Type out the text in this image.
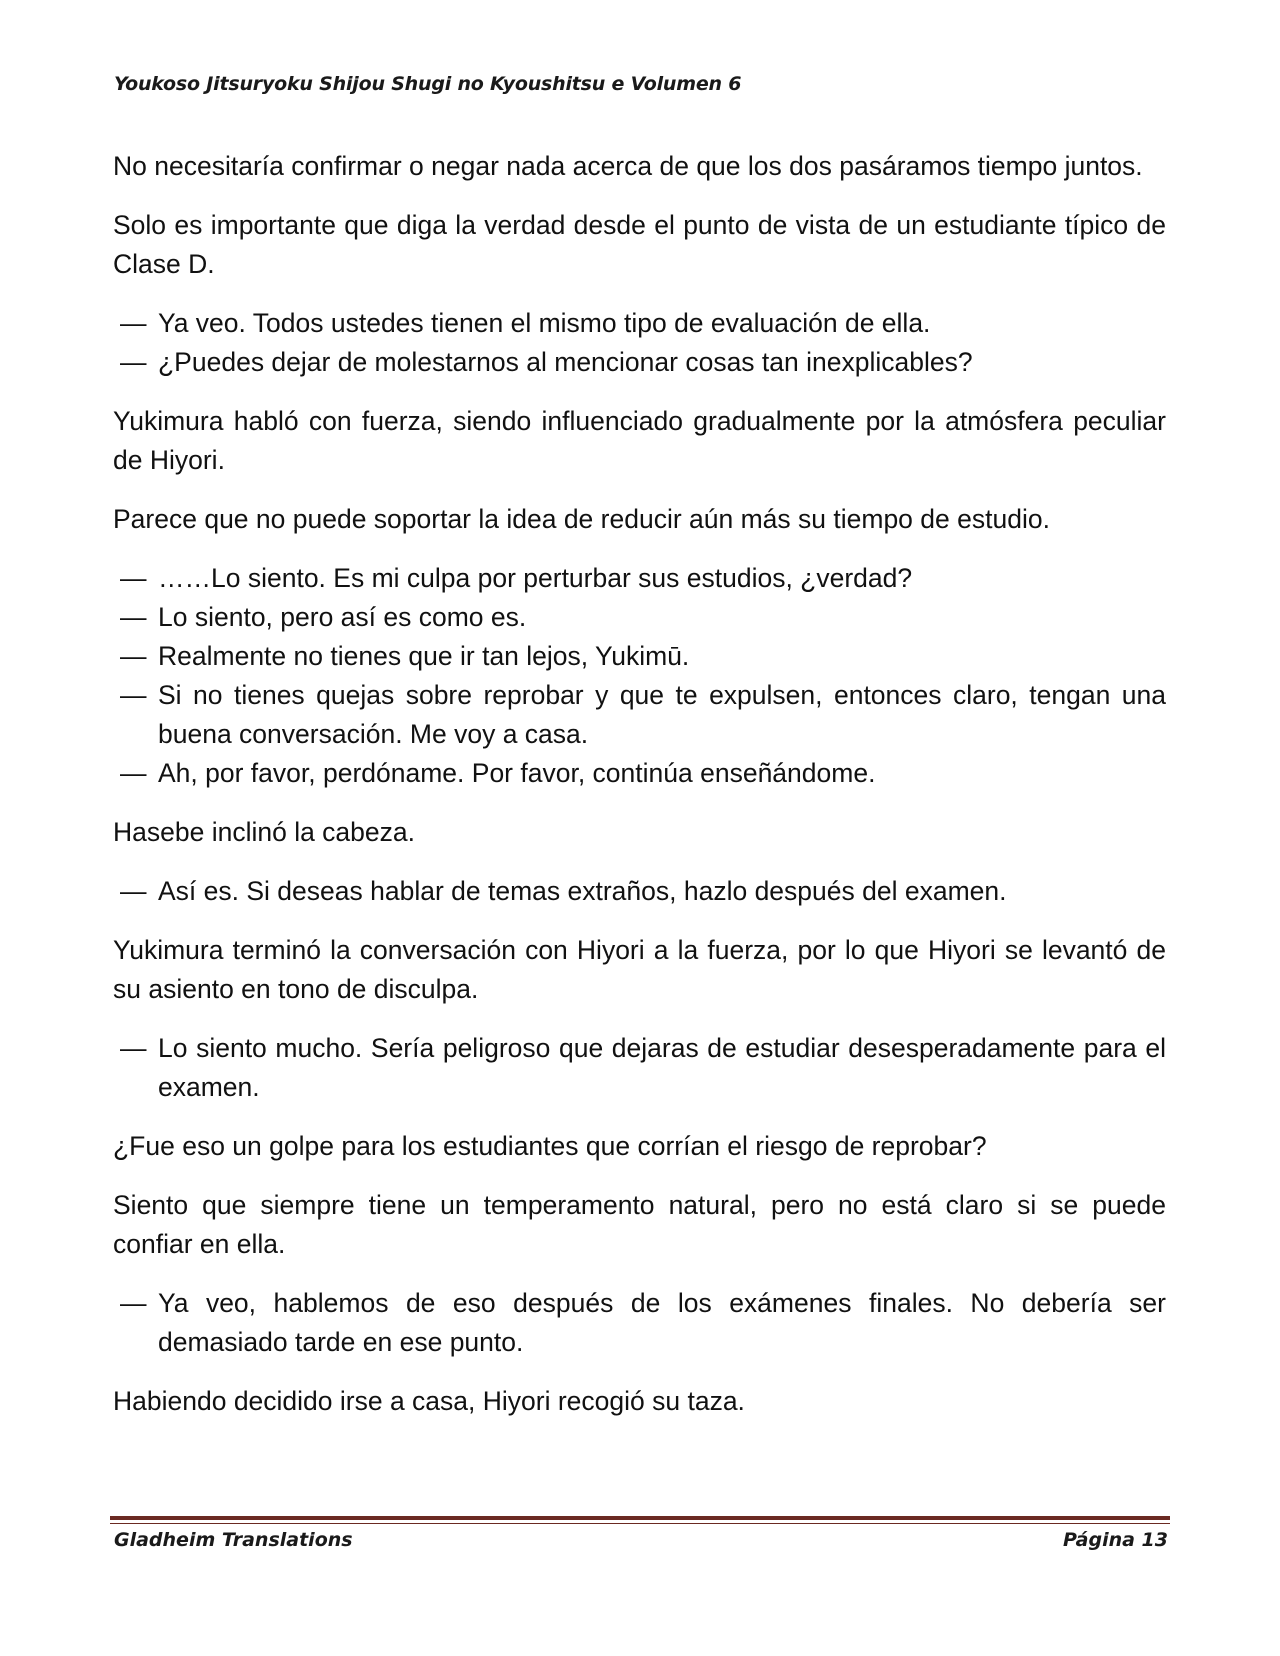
Youkoso Jitsuryoku Shijou Shugi no Kyoushitsu e Volumen 6

No necesitaría confirmar o negar nada acerca de que los dos pasáramos tiempo juntos.

Solo es importante que diga la verdad desde el punto de vista de un estudiante típico de Clase D.

— Ya veo. Todos ustedes tienen el mismo tipo de evaluación de ella.
— ¿Puedes dejar de molestarnos al mencionar cosas tan inexplicables?

Yukimura habló con fuerza, siendo influenciado gradualmente por la atmósfera peculiar de Hiyori.

Parece que no puede soportar la idea de reducir aún más su tiempo de estudio.

— ……Lo siento. Es mi culpa por perturbar sus estudios, ¿verdad?
— Lo siento, pero así es como es.
— Realmente no tienes que ir tan lejos, Yukimū.
— Si no tienes quejas sobre reprobar y que te expulsen, entonces claro, tengan una buena conversación. Me voy a casa.
— Ah, por favor, perdóname. Por favor, continúa enseñándome.

Hasebe inclinó la cabeza.

— Así es. Si deseas hablar de temas extraños, hazlo después del examen.

Yukimura terminó la conversación con Hiyori a la fuerza, por lo que Hiyori se levantó de su asiento en tono de disculpa.

— Lo siento mucho. Sería peligroso que dejaras de estudiar desesperadamente para el examen.

¿Fue eso un golpe para los estudiantes que corrían el riesgo de reprobar?

Siento que siempre tiene un temperamento natural, pero no está claro si se puede confiar en ella.

— Ya veo, hablemos de eso después de los exámenes finales. No debería ser demasiado tarde en ese punto.

Habiendo decidido irse a casa, Hiyori recogió su taza.

Gladheim Translations	Página 13
